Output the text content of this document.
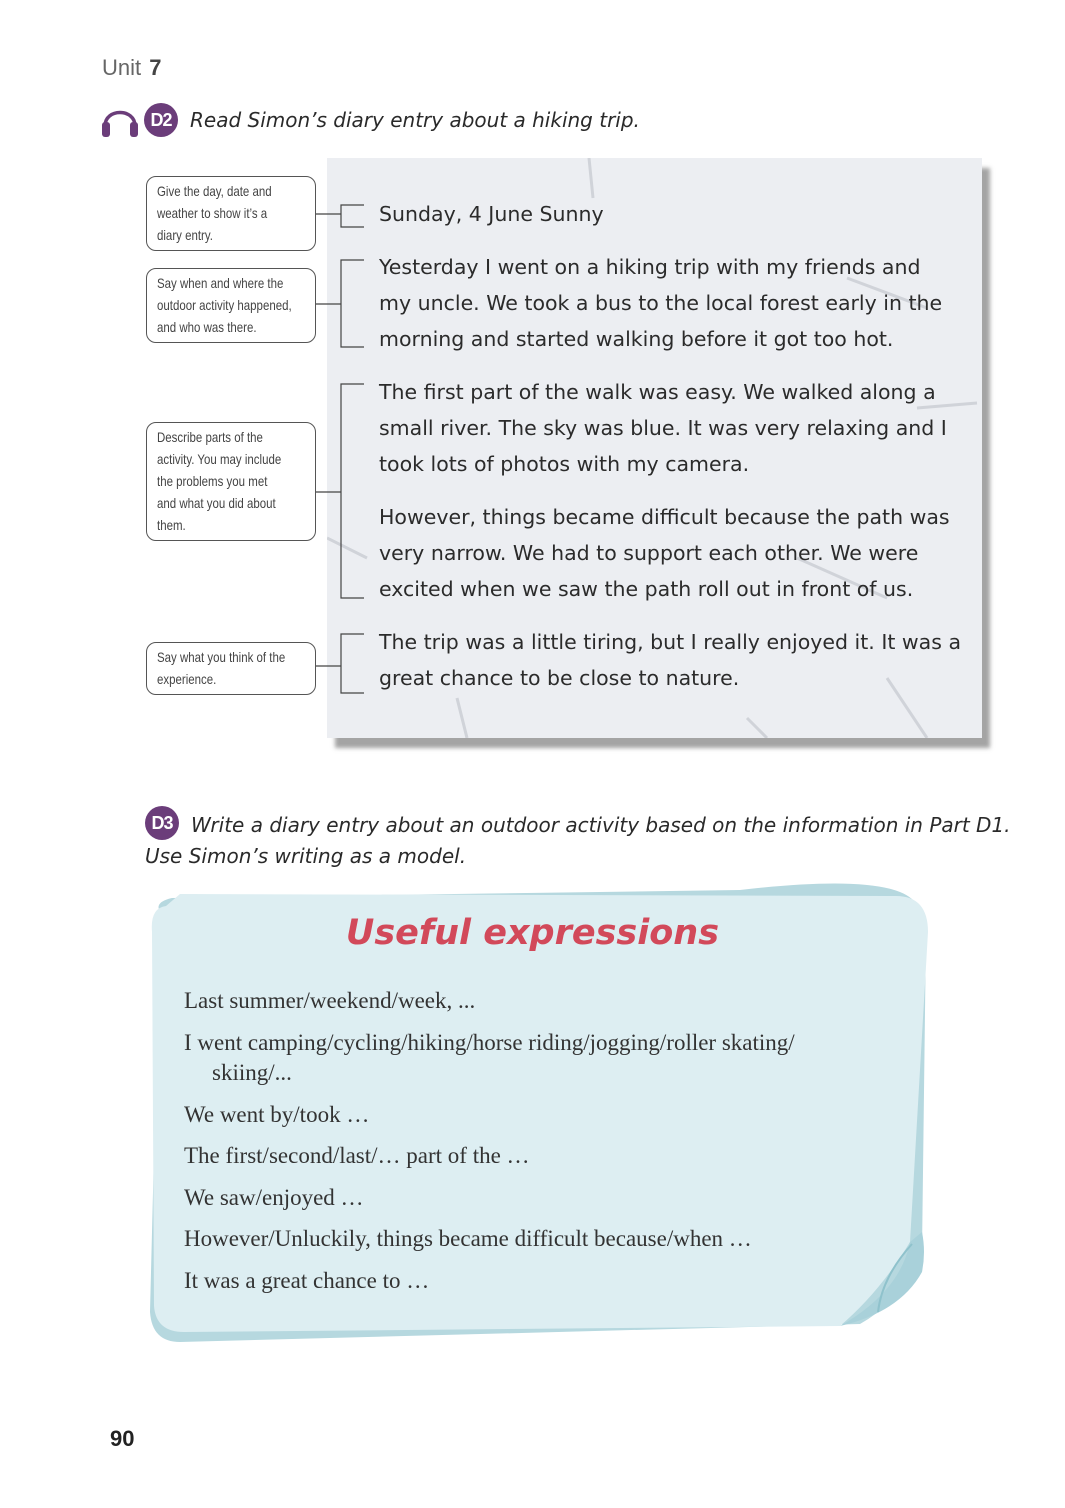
Unit 7
D2 Read Simon’s diary entry about a hiking trip.
Give the day, date and
weather to show it’s a
diary entry.
Say when and where the
outdoor activity happened,
and who was there.
Describe parts of the
activity. You may include
the problems you met
and what you did about
them.
Say what you think of the
experience.
Sunday, 4 June Sunny
Yesterday I went on a hiking trip with my friends and
my uncle. We took a bus to the local forest early in the
morning and started walking before it got too hot.
The first part of the walk was easy. We walked along a
small river. The sky was blue. It was very relaxing and I
took lots of photos with my camera.
However, things became difficult because the path was
very narrow. We had to support each other. We were
excited when we saw the path roll out in front of us.
The trip was a little tiring, but I really enjoyed it. It was a
great chance to be close to nature.
D3 Write a diary entry about an outdoor activity based on the information in Part D1.
Use Simon’s writing as a model.
Useful expressions
Last summer/weekend/week, ...
I went camping/cycling/hiking/horse riding/jogging/roller skating/
skiing/...
We went by/took …
The first/second/last/… part of the …
We saw/enjoyed …
However/Unluckily, things became difficult because/when …
It was a great chance to …
90
